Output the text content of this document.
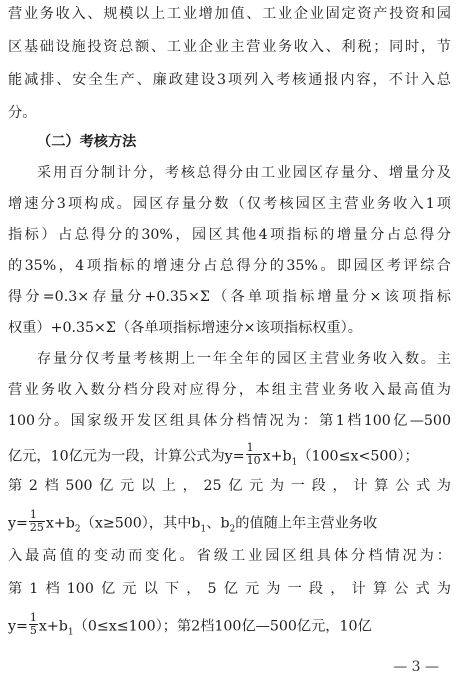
营业务收入、规模以上工业增加值、工业企业固定资产投资和园
区基础设施投资总额、工业企业主营业务收入、利税；同时，节
能减排、安全生产、廉政建设3项列入考核通报内容，不计入总
分。
（二）考核方法
采用百分制计分，考核总得分由工业园区存量分、增量分及
增速分3项构成。园区存量分数（仅考核园区主营业务收入1项
指标）占总得分的30%，园区其他4项指标的增量分占总得分
的35%，4项指标的增速分占总得分的35%。即园区考评综合
得分=0.3×存量分+0.35×Σ（各单项指标增量分×该项指标
权重）+0.35×Σ（各单项指标增速分×该项指标权重）。
存量分仅考量考核期上一年全年的园区主营业务收入数。主
营业务收入数分档分段对应得分，本组主营业务收入最高值为
100分。国家级开发区组具体分档情况为：第1档100亿—500
亿元，10亿元为一段，计算公式为$y= \frac{1}{10} x+b_1(100\le x<500)$；
第2档500亿元以上，25亿元为一段，计算公式为
$y= \frac{1}{25} x+b_2(x\ge 500)$，其中$b_1$、$b_2$的值随上年主营业务收
入最高值的变动而变化。省级工业园区组具体分档情况为：
第1档100亿元以下，5亿元为一段，计算公式为
$y= \frac{1}{5} x+b_1(0\le x\le 100)$；第2档100亿—500亿元，10亿
— 3 —
